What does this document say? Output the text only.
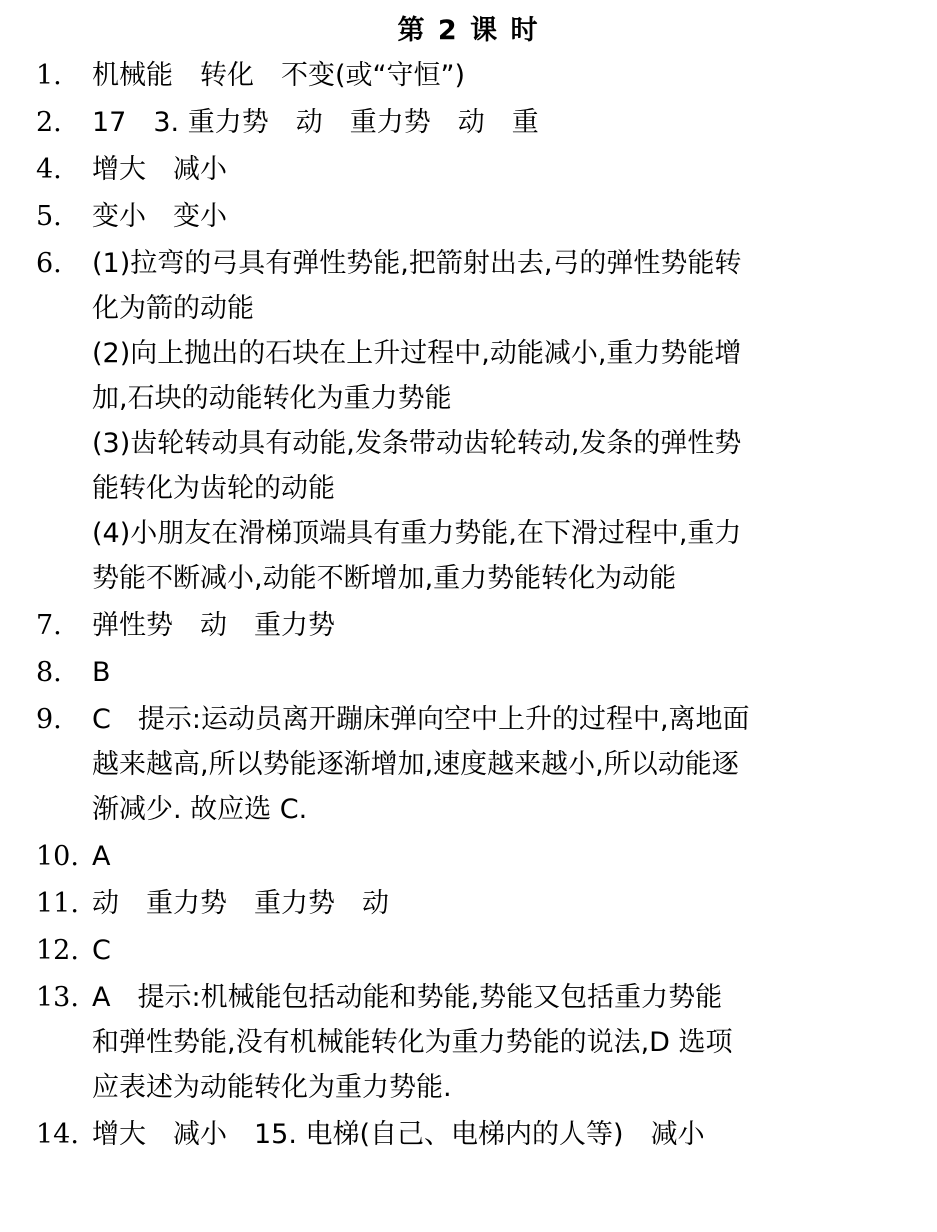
第 2 课 时
1.	机械能　转化　不变(或“守恒”)
2.	17　3. 重力势　动　重力势　动　重
4.	增大　减小
5.	变小　变小
6.	(1)拉弯的弓具有弹性势能,把箭射出去,弓的弹性势能转
化为箭的动能
(2)向上抛出的石块在上升过程中,动能减小,重力势能增
加,石块的动能转化为重力势能
(3)齿轮转动具有动能,发条带动齿轮转动,发条的弹性势
能转化为齿轮的动能
(4)小朋友在滑梯顶端具有重力势能,在下滑过程中,重力
势能不断减小,动能不断增加,重力势能转化为动能
7.	弹性势　动　重力势
8.	B
9.	C　提示:运动员离开蹦床弹向空中上升的过程中,离地面
越来越高,所以势能逐渐增加,速度越来越小,所以动能逐
渐减少. 故应选 C.
10. A
11. 动　重力势　重力势　动
12. C
13. A　提示:机械能包括动能和势能,势能又包括重力势能
和弹性势能,没有机械能转化为重力势能的说法,D 选项
应表述为动能转化为重力势能.
14. 增大　减小　15. 电梯(自己、电梯内的人等)　减小
